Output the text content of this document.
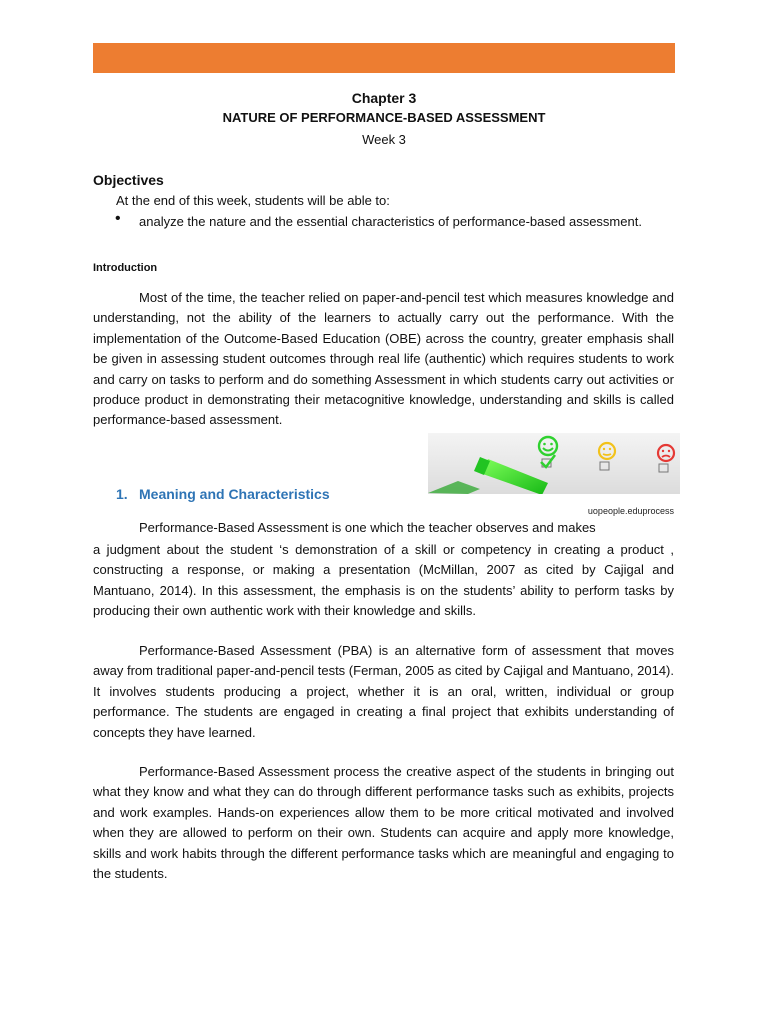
Chapter 3
NATURE OF PERFORMANCE-BASED ASSESSMENT
Week 3
Objectives
At the end of this week, students will be able to:
• analyze the nature and the essential characteristics of performance-based assessment.
Introduction

Most of the time, the teacher relied on paper-and-pencil test which measures knowledge and understanding, not the ability of the learners to actually carry out the performance. With the implementation of the Outcome-Based Education (OBE) across the country, greater emphasis shall be given in assessing student outcomes through real life (authentic) which requires students to work and carry on tasks to perform and do something Assessment in which students carry out activities or produce product in demonstrating their metacognitive knowledge, understanding and skills is called performance-based assessment.

uopeople.eduprocess
1. Meaning and Characteristics
Performance-Based Assessment is one which the teacher observes and makes

a judgment about the student ‘s demonstration of a skill or competency in creating a product , constructing a response, or making a presentation (McMillan, 2007 as cited by Cajigal and Mantuano, 2014). In this assessment, the emphasis is on the students’ ability to perform tasks by producing their own authentic work with their knowledge and skills.

Performance-Based Assessment (PBA) is an alternative form of assessment that moves away from traditional paper-and-pencil tests (Ferman, 2005 as cited by Cajigal and Mantuano, 2014). It involves students producing a project, whether it is an oral, written, individual or group performance. The students are engaged in creating a final project that exhibits understanding of concepts they have learned.

Performance-Based Assessment process the creative aspect of the students in bringing out what they know and what they can do through different performance tasks such as exhibits, projects and work examples. Hands-on experiences allow them to be more critical motivated and involved when they are allowed to perform on their own. Students can acquire and apply more knowledge, skills and work habits through the different performance tasks which are meaningful and engaging to the students.
